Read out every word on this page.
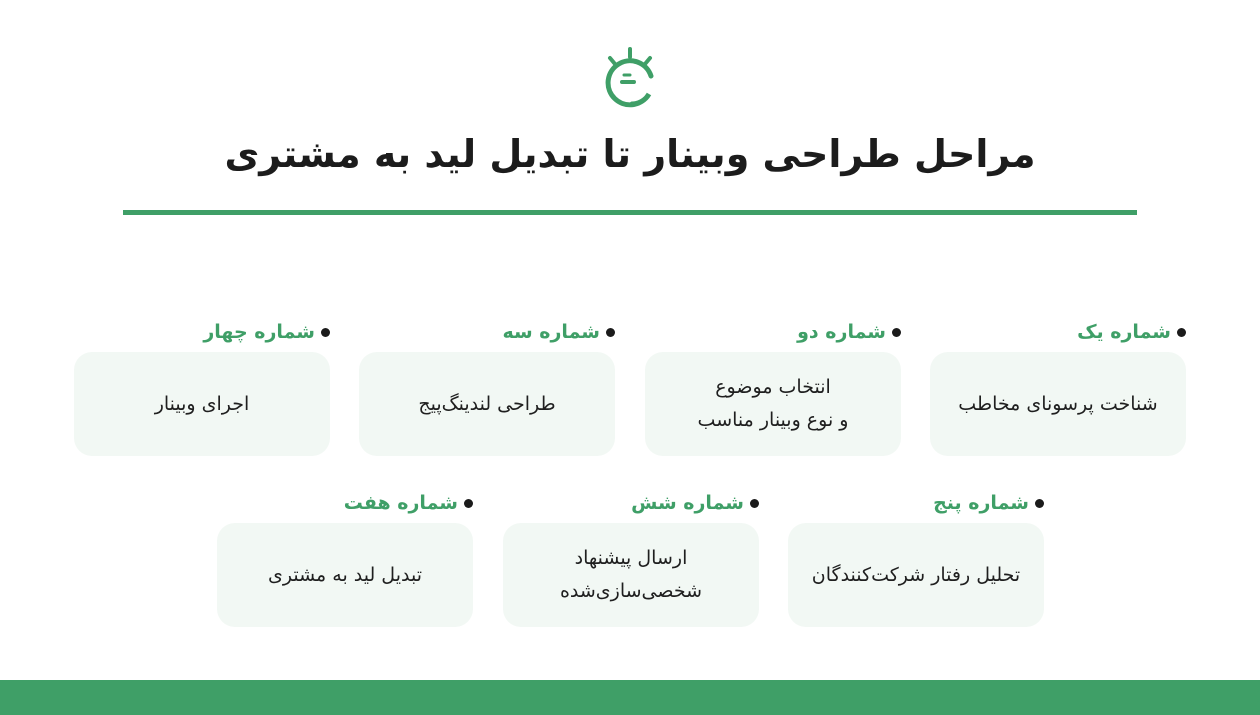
مراحل طراحی وبینار تا تبدیل لید به مشتری
شماره یک
شناخت پرسونای مخاطب
شماره دو
انتخاب موضوع
و نوع وبینار مناسب
شماره سه
طراحی لندینگ‌پیج
شماره چهار
اجرای وبینار
شماره پنج
تحلیل رفتار شرکت‌کنندگان
شماره شش
ارسال پیشنهاد
شخصی‌سازی‌شده
شماره هفت
تبدیل لید به مشتری
